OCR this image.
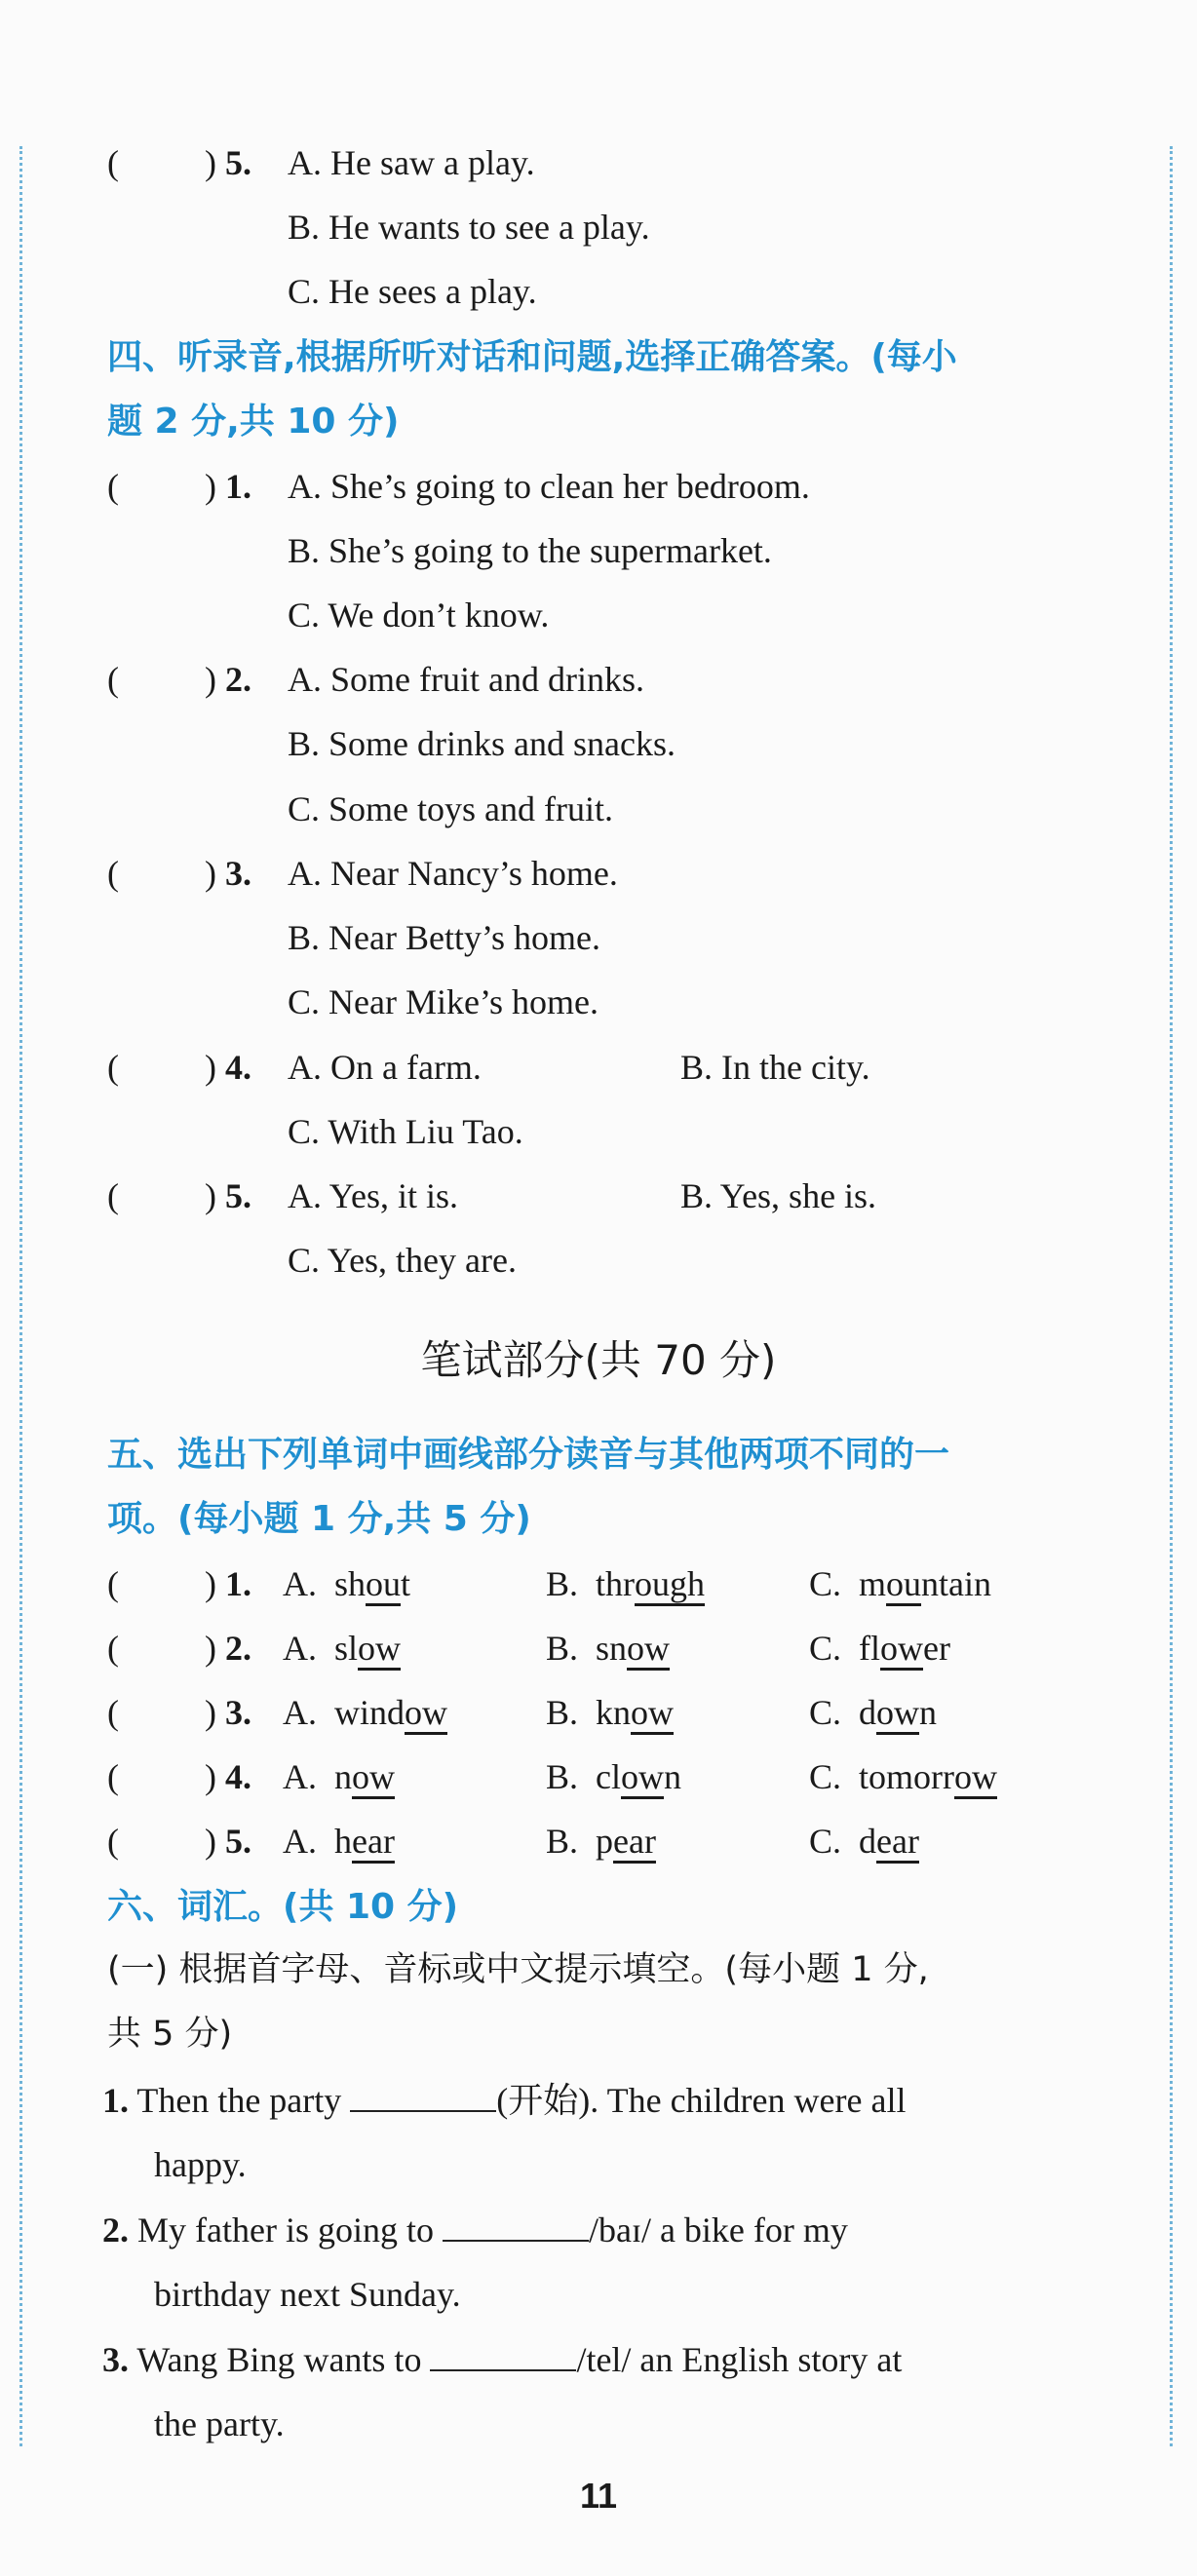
( ) 5. A. He saw a play.
B. He wants to see a play.
C. He sees a play.
四、听录音,根据所听对话和问题,选择正确答案。(每小
题 2 分,共 10 分)
( ) 1. A. She’s going to clean her bedroom.
B. She’s going to the supermarket.
C. We don’t know.
( ) 2. A. Some fruit and drinks.
B. Some drinks and snacks.
C. Some toys and fruit.
( ) 3. A. Near Nancy’s home.
B. Near Betty’s home.
C. Near Mike’s home.
( ) 4. A. On a farm.	B. In the city.
C. With Liu Tao.
( ) 5. A. Yes, it is.	B. Yes, she is.
C. Yes, they are.
笔试部分(共 70 分)
五、选出下列单词中画线部分读音与其他两项不同的一
项。(每小题 1 分,共 5 分)
( ) 1. A. shout	B. through	C. mountain
( ) 2. A. slow	B. snow	C. flower
( ) 3. A. window	B. know	C. down
( ) 4. A. now	B. clown	C. tomorrow
( ) 5. A. hear	B. pear	C. dear
六、词汇。(共 10 分)
(一) 根据首字母、音标或中文提示填空。(每小题 1 分,
共 5 分)
1. Then the party	(开始). The children were all
happy.
2. My father is going to	/baɪ/ a bike for my
birthday next Sunday.
3. Wang Bing wants to	/tel/ an English story at
the party.
11
